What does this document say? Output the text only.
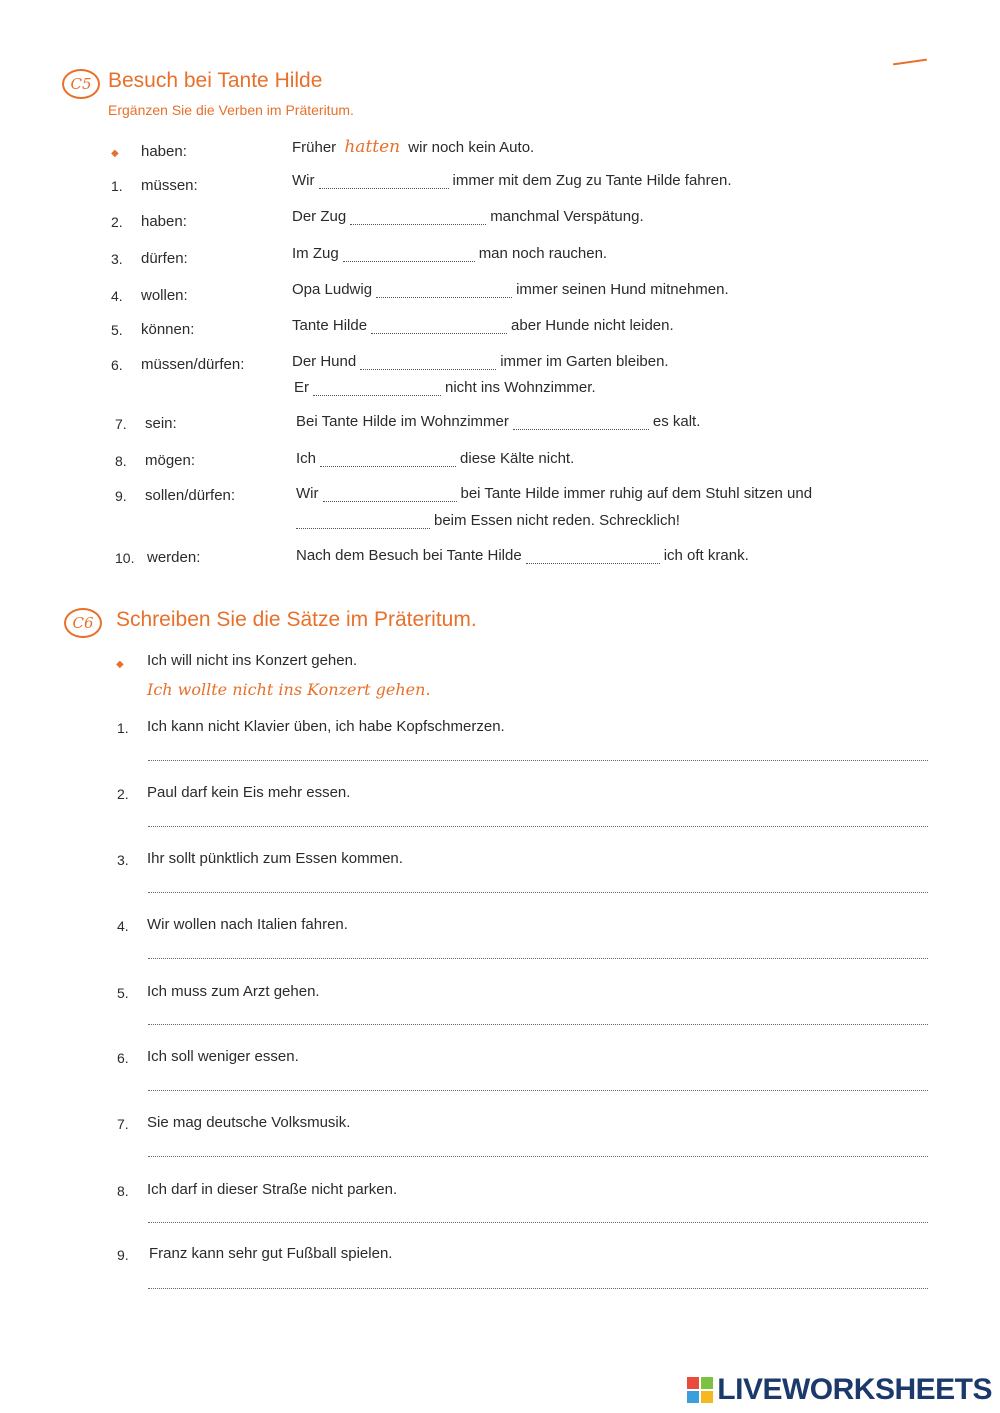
C5 Besuch bei Tante Hilde
Ergänzen Sie die Verben im Präteritum.
◆ haben:	Früher hatten wir noch kein Auto.
1. müssen:	Wir	immer mit dem Zug zu Tante Hilde fahren.
2. haben:	Der Zug	manchmal Verspätung.
3. dürfen:	Im Zug	man noch rauchen.
4. wollen:	Opa Ludwig	immer seinen Hund mitnehmen.
5. können:	Tante Hilde	aber Hunde nicht leiden.
6. müssen/dürfen:	Der Hund	immer im Garten bleiben.
Er	nicht ins Wohnzimmer.
7. sein:	Bei Tante Hilde im Wohnzimmer	es kalt.
8. mögen:	Ich	diese Kälte nicht.
9. sollen/dürfen:	Wir	bei Tante Hilde immer ruhig auf dem Stuhl sitzen und
beim Essen nicht reden. Schrecklich!
10. werden:	Nach dem Besuch bei Tante Hilde	ich oft krank.
C6	Schreiben Sie die Sätze im Präteritum.
◆ Ich will nicht ins Konzert gehen.
Ich wollte nicht ins Konzert gehen.
1. Ich kann nicht Klavier üben, ich habe Kopfschmerzen.
2. Paul darf kein Eis mehr essen.
3. Ihr sollt pünktlich zum Essen kommen.
4. Wir wollen nach Italien fahren.
5. Ich muss zum Arzt gehen.
6. Ich soll weniger essen.
7. Sie mag deutsche Volksmusik.
8. Ich darf in dieser Straße nicht parken.
9. Franz kann sehr gut Fußball spielen.
LIVEWORKSHEETS
